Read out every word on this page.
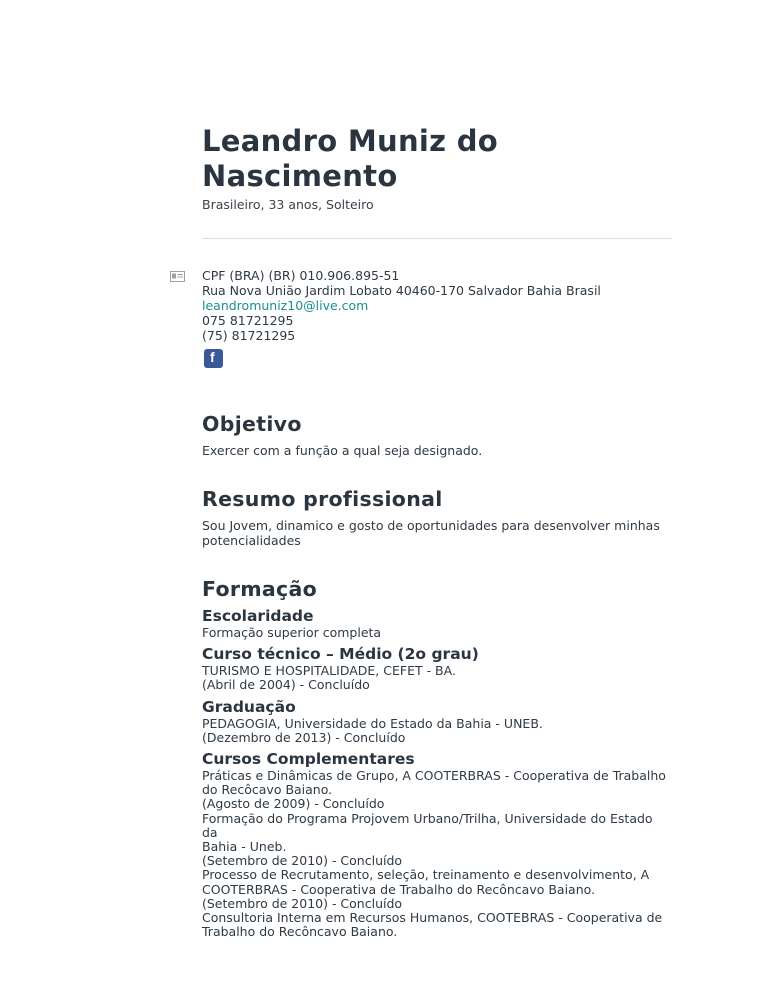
Leandro Muniz do
Nascimento
Brasileiro, 33 anos, Solteiro
CPF (BRA) (BR) 010.906.895-51
Rua Nova União Jardim Lobato 40460-170 Salvador Bahia Brasil
leandromuniz10@live.com
075 81721295
(75) 81721295
f
Objetivo
Exercer com a função a qual seja designado.
Resumo profissional
Sou Jovem, dinamico e gosto de oportunidades para desenvolver minhas
potencialidades
Formação
Escolaridade
Formação superior completa
Curso técnico – Médio (2o grau)
TURISMO E HOSPITALIDADE, CEFET - BA.
(Abril de 2004) - Concluído
Graduação
PEDAGOGIA, Universidade do Estado da Bahia - UNEB.
(Dezembro de 2013) - Concluído
Cursos Complementares
Práticas e Dinâmicas de Grupo, A COOTERBRAS - Cooperativa de Trabalho
do Recôcavo Baiano.
(Agosto de 2009) - Concluído
Formação do Programa Projovem Urbano/Trilha, Universidade do Estado da
Bahia - Uneb.
(Setembro de 2010) - Concluído
Processo de Recrutamento, seleção, treinamento e desenvolvimento, A
COOTERBRAS - Cooperativa de Trabalho do Recôncavo Baiano.
(Setembro de 2010) - Concluído
Consultoria Interna em Recursos Humanos, COOTEBRAS - Cooperativa de
Trabalho do Recôncavo Baiano.
